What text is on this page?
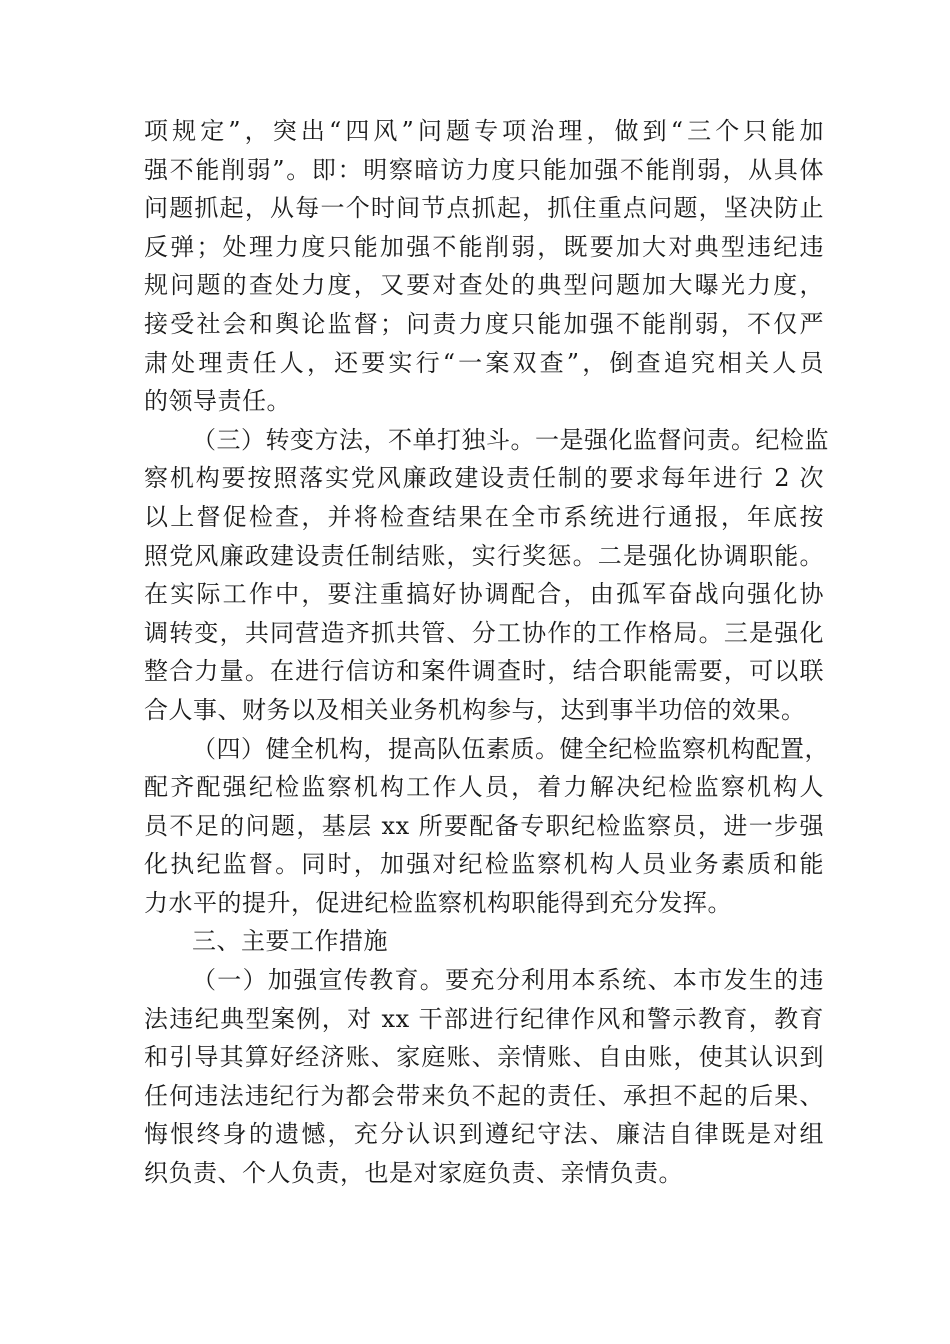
项规定”，突出“四风”问题专项治理，做到“三个只能加
强不能削弱”。即：明察暗访力度只能加强不能削弱，从具体
问题抓起，从每一个时间节点抓起，抓住重点问题，坚决防止
反弹；处理力度只能加强不能削弱，既要加大对典型违纪违
规问题的查处力度，又要对查处的典型问题加大曝光力度，
接受社会和舆论监督；问责力度只能加强不能削弱，不仅严
肃处理责任人，还要实行“一案双查”，倒查追究相关人员
的领导责任。
（三）转变方法，不单打独斗。一是强化监督问责。纪检监
察机构要按照落实党风廉政建设责任制的要求每年进行 2 次
以上督促检查，并将检查结果在全市系统进行通报，年底按
照党风廉政建设责任制结账，实行奖惩。二是强化协调职能。
在实际工作中，要注重搞好协调配合，由孤军奋战向强化协
调转变，共同营造齐抓共管、分工协作的工作格局。三是强化
整合力量。在进行信访和案件调查时，结合职能需要，可以联
合人事、财务以及相关业务机构参与，达到事半功倍的效果。
（四）健全机构，提高队伍素质。健全纪检监察机构配置，
配齐配强纪检监察机构工作人员，着力解决纪检监察机构人
员不足的问题，基层 xx 所要配备专职纪检监察员，进一步强
化执纪监督。同时，加强对纪检监察机构人员业务素质和能
力水平的提升，促进纪检监察机构职能得到充分发挥。
三、主要工作措施
（一）加强宣传教育。要充分利用本系统、本市发生的违
法违纪典型案例，对 xx 干部进行纪律作风和警示教育，教育
和引导其算好经济账、家庭账、亲情账、自由账，使其认识到
任何违法违纪行为都会带来负不起的责任、承担不起的后果、
悔恨终身的遗憾，充分认识到遵纪守法、廉洁自律既是对组
织负责、个人负责，也是对家庭负责、亲情负责。
